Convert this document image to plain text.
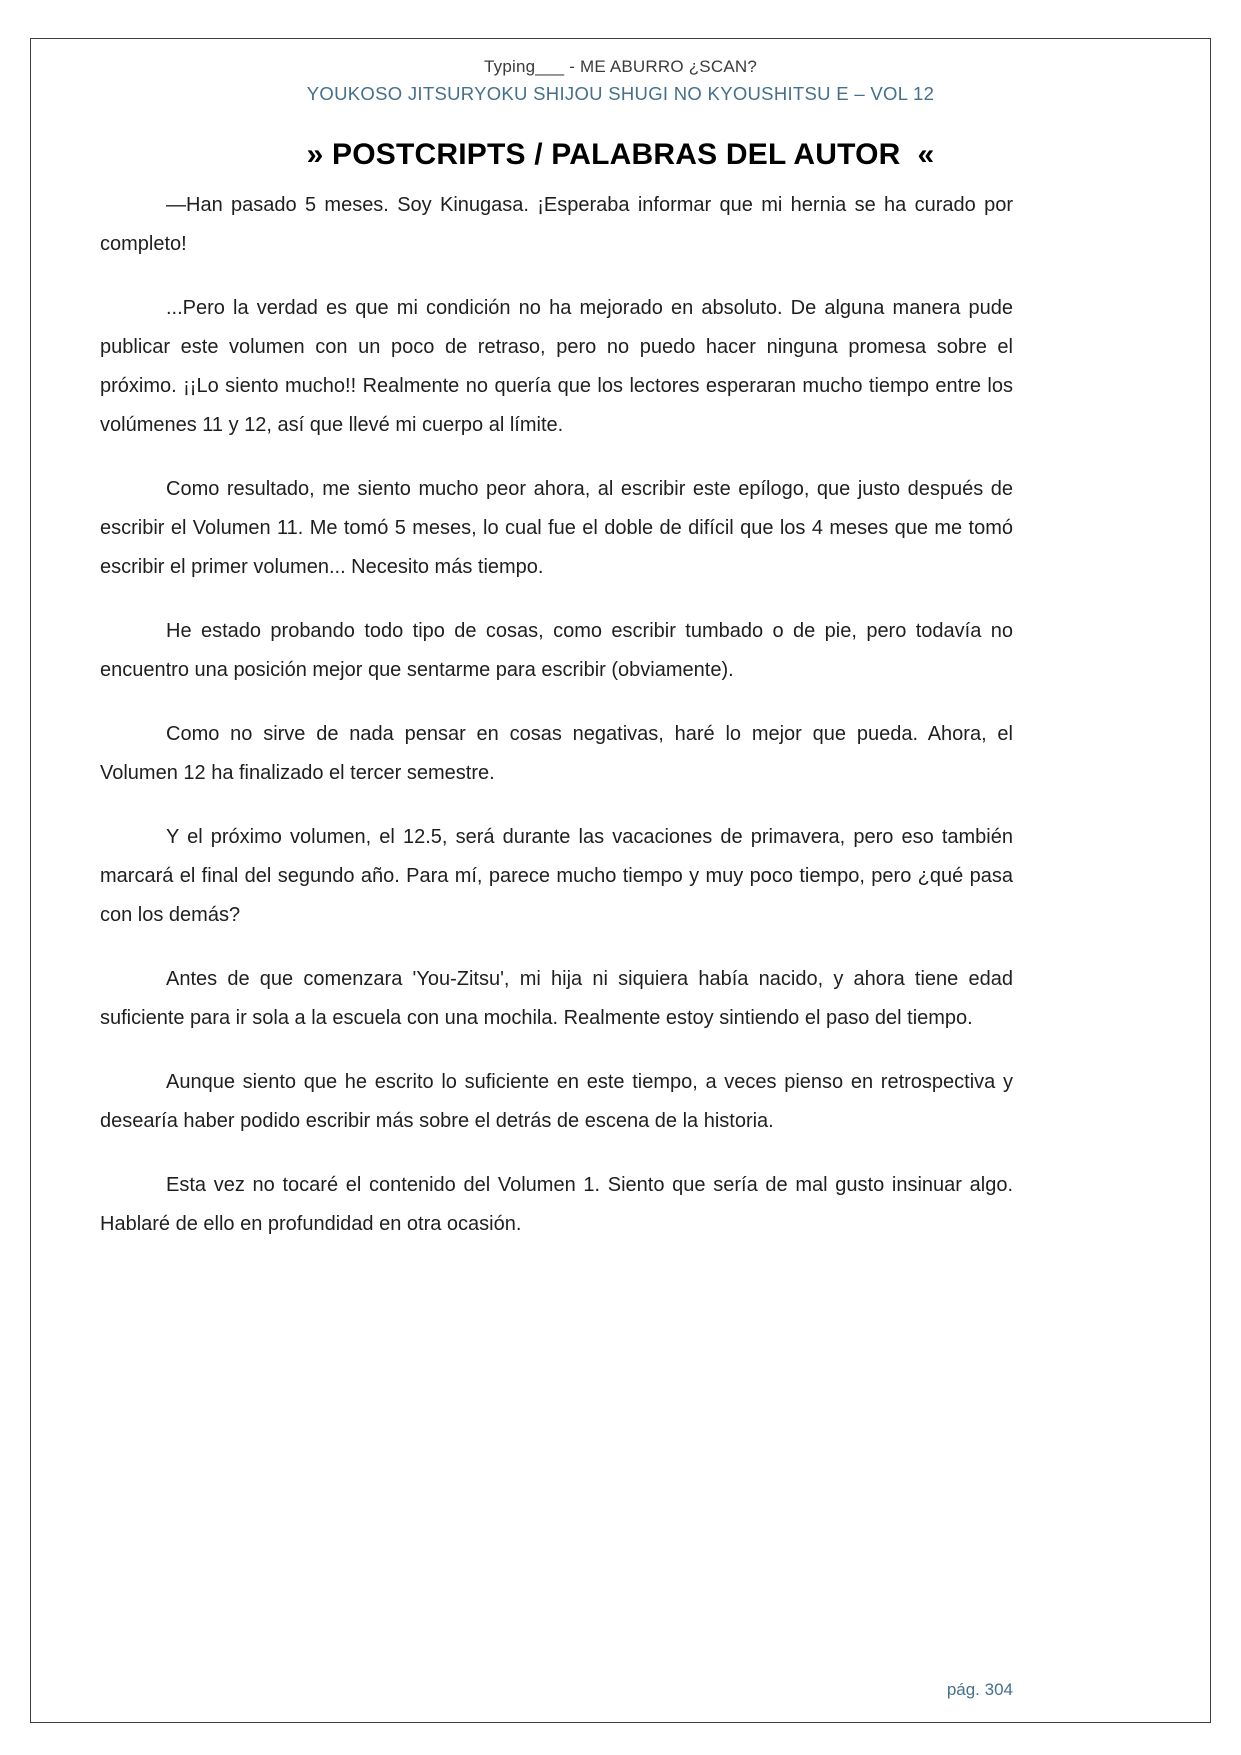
Typing___ - ME ABURRO ¿SCAN?
YOUKOSO JITSURYOKU SHIJOU SHUGI NO KYOUSHITSU E – VOL 12
» POSTCRIPTS / PALABRAS DEL AUTOR  «

—Han pasado 5 meses. Soy Kinugasa. ¡Esperaba informar que mi hernia se ha curado por completo!

...Pero la verdad es que mi condición no ha mejorado en absoluto. De alguna manera pude publicar este volumen con un poco de retraso, pero no puedo hacer ninguna promesa sobre el próximo. ¡¡Lo siento mucho!! Realmente no quería que los lectores esperaran mucho tiempo entre los volúmenes 11 y 12, así que llevé mi cuerpo al límite.

Como resultado, me siento mucho peor ahora, al escribir este epílogo, que justo después de escribir el Volumen 11. Me tomó 5 meses, lo cual fue el doble de difícil que los 4 meses que me tomó escribir el primer volumen... Necesito más tiempo.

He estado probando todo tipo de cosas, como escribir tumbado o de pie, pero todavía no encuentro una posición mejor que sentarme para escribir (obviamente).

Como no sirve de nada pensar en cosas negativas, haré lo mejor que pueda. Ahora, el Volumen 12 ha finalizado el tercer semestre.

Y el próximo volumen, el 12.5, será durante las vacaciones de primavera, pero eso también marcará el final del segundo año. Para mí, parece mucho tiempo y muy poco tiempo, pero ¿qué pasa con los demás?

Antes de que comenzara 'You-Zitsu', mi hija ni siquiera había nacido, y ahora tiene edad suficiente para ir sola a la escuela con una mochila. Realmente estoy sintiendo el paso del tiempo.

Aunque siento que he escrito lo suficiente en este tiempo, a veces pienso en retrospectiva y desearía haber podido escribir más sobre el detrás de escena de la historia.

Esta vez no tocaré el contenido del Volumen 1. Siento que sería de mal gusto insinuar algo. Hablaré de ello en profundidad en otra ocasión.

pág. 304
